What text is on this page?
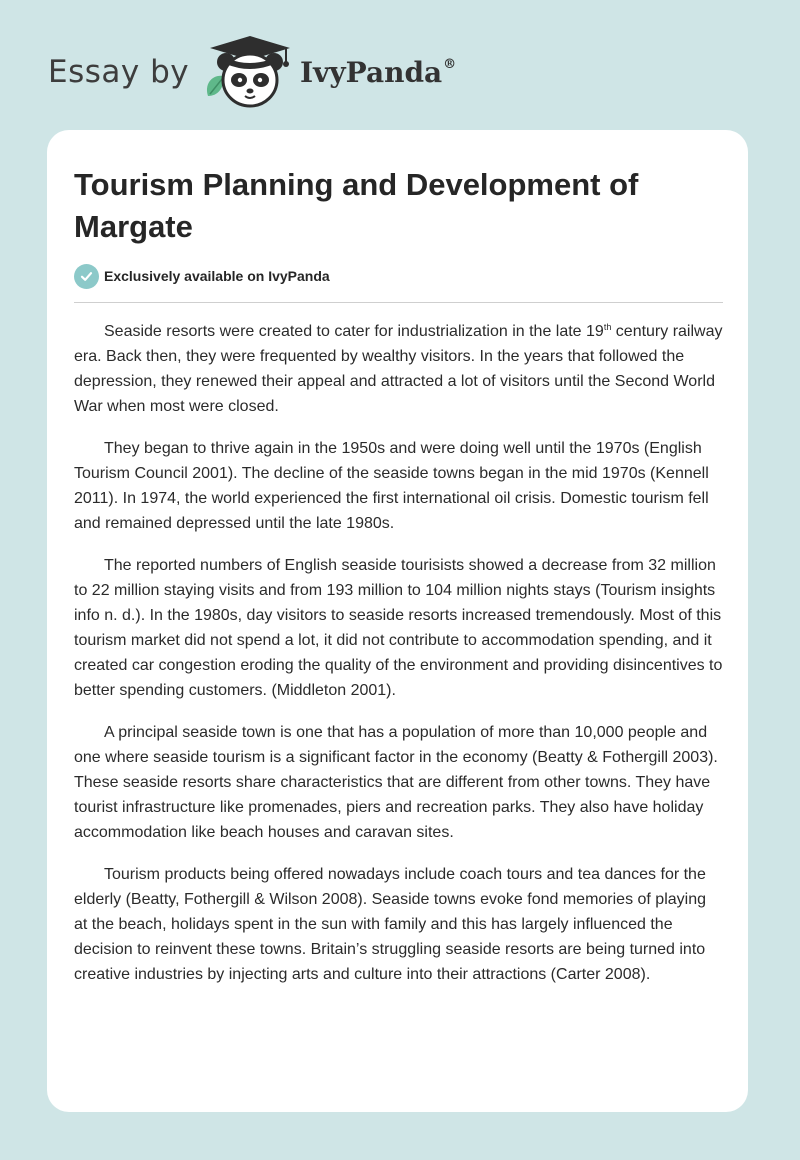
Essay by	IvyPanda®
Tourism Planning and Development of Margate
Exclusively available on IvyPanda

Seaside resorts were created to cater for industrialization in the late 19th century railway era. Back then, they were frequented by wealthy visitors. In the years that followed the depression, they renewed their appeal and attracted a lot of visitors until the Second World War when most were closed.

They began to thrive again in the 1950s and were doing well until the 1970s (English Tourism Council 2001). The decline of the seaside towns began in the mid 1970s (Kennell 2011). In 1974, the world experienced the first international oil crisis. Domestic tourism fell and remained depressed until the late 1980s.

The reported numbers of English seaside tourisists showed a decrease from 32 million to 22 million staying visits and from 193 million to 104 million nights stays (Tourism insights info n. d.). In the 1980s, day visitors to seaside resorts increased tremendously. Most of this tourism market did not spend a lot, it did not contribute to accommodation spending, and it created car congestion eroding the quality of the environment and providing disincentives to better spending customers. (Middleton 2001).

A principal seaside town is one that has a population of more than 10,000 people and one where seaside tourism is a significant factor in the economy (Beatty & Fothergill 2003). These seaside resorts share characteristics that are different from other towns. They have tourist infrastructure like promenades, piers and recreation parks. They also have holiday accommodation like beach houses and caravan sites.

Tourism products being offered nowadays include coach tours and tea dances for the elderly (Beatty, Fothergill & Wilson 2008). Seaside towns evoke fond memories of playing at the beach, holidays spent in the sun with family and this has largely influenced the decision to reinvent these towns. Britain’s struggling seaside resorts are being turned into creative industries by injecting arts and culture into their attractions (Carter 2008).
